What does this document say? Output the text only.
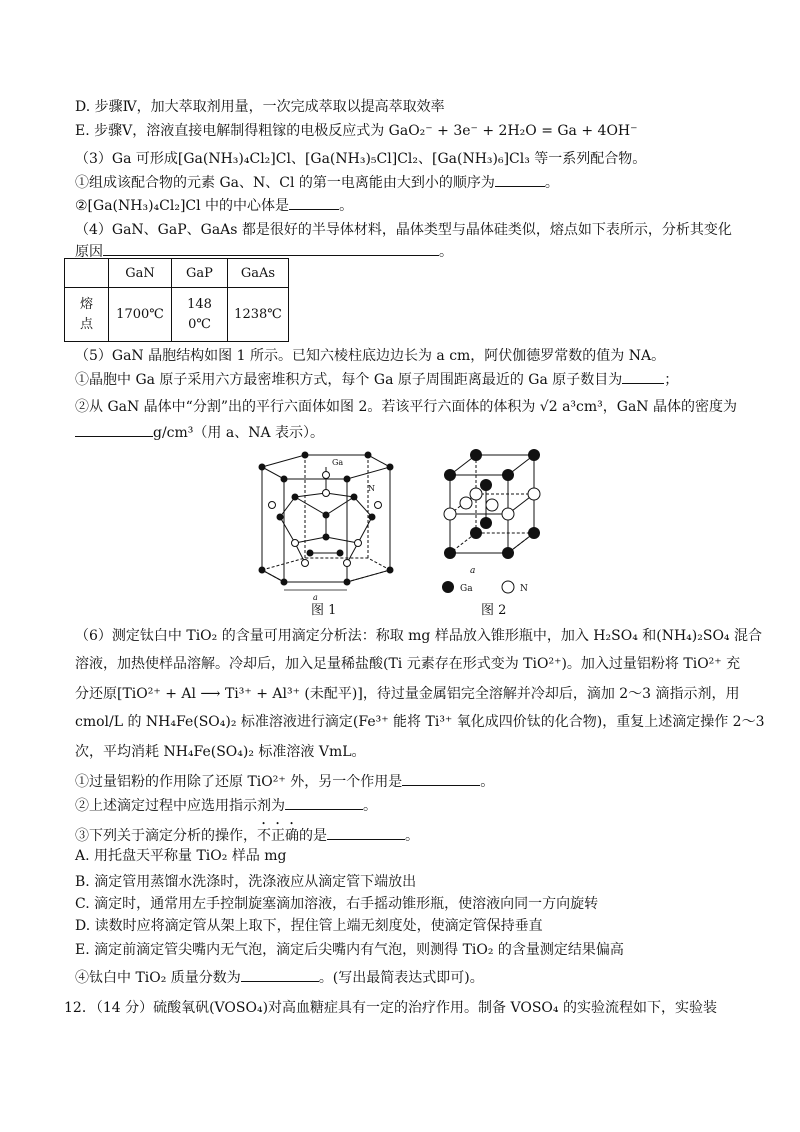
D. 步骤Ⅳ，加大萃取剂用量，一次完成萃取以提高萃取效率
E. 步骤Ⅴ，溶液直接电解制得粗镓的电极反应式为 GaO₂⁻ + 3e⁻ + 2H₂O = Ga + 4OH⁻
（3）Ga 可形成[Ga(NH₃)₄Cl₂]Cl、[Ga(NH₃)₅Cl]Cl₂、[Ga(NH₃)₆]Cl₃ 等一系列配合物。
①组成该配合物的元素 Ga、N、Cl 的第一电离能由大到小的顺序为	。
②[Ga(NH₃)₄Cl₂]Cl 中的中心体是	。
（4）GaN、GaP、GaAs 都是很好的半导体材料，晶体类型与晶体硅类似，熔点如下表所示，分析其变化
原因	。
	GaN	GaP	GaAs

熔点	1700℃	1480℃	1238℃
（5）GaN 晶胞结构如图 1 所示。已知六棱柱底边边长为 a cm，阿伏伽德罗常数的值为 NA。
①晶胞中 Ga 原子采用六方最密堆积方式，每个 Ga 原子周围距离最近的 Ga 原子数目为	；
②从 GaN 晶体中“分割”出的平行六面体如图 2。若该平行六面体的体积为 √2 a³cm³，GaN 晶体的密度为
g/cm³（用 a、NA 表示）。
Ga
N
a
图 1
a
Ga	N
图 2
（6）测定钛白中 TiO₂ 的含量可用滴定分析法：称取 mg 样品放入锥形瓶中，加入 H₂SO₄ 和(NH₄)₂SO₄ 混合
溶液，加热使样品溶解。冷却后，加入足量稀盐酸(Ti 元素存在形式变为 TiO²⁺)。加入过量铝粉将 TiO²⁺ 充
分还原[TiO²⁺ + Al ⟶ Ti³⁺ + Al³⁺ (未配平)]，待过量金属铝完全溶解并冷却后，滴加 2～3 滴指示剂，用
cmol/L 的 NH₄Fe(SO₄)₂ 标准溶液进行滴定(Fe³⁺ 能将 Ti³⁺ 氧化成四价钛的化合物)，重复上述滴定操作 2～3
次，平均消耗 NH₄Fe(SO₄)₂ 标准溶液 VmL。
①过量铝粉的作用除了还原 TiO²⁺ 外，另一个作用是	。
②上述滴定过程中应选用指示剂为	。
③下列关于滴定分析的操作，不正确的是	。
A. 用托盘天平称量 TiO₂ 样品 mg
B. 滴定管用蒸馏水洗涤时，洗涤液应从滴定管下端放出
C. 滴定时，通常用左手控制旋塞滴加溶液，右手摇动锥形瓶，使溶液向同一方向旋转
D. 读数时应将滴定管从架上取下，捏住管上端无刻度处，使滴定管保持垂直
E. 滴定前滴定管尖嘴内无气泡，滴定后尖嘴内有气泡，则测得 TiO₂ 的含量测定结果偏高
④钛白中 TiO₂ 质量分数为	。(写出最简表达式即可)。
12．（14 分）硫酸氧矾(VOSO₄)对高血糖症具有一定的治疗作用。制备 VOSO₄ 的实验流程如下，实验装
